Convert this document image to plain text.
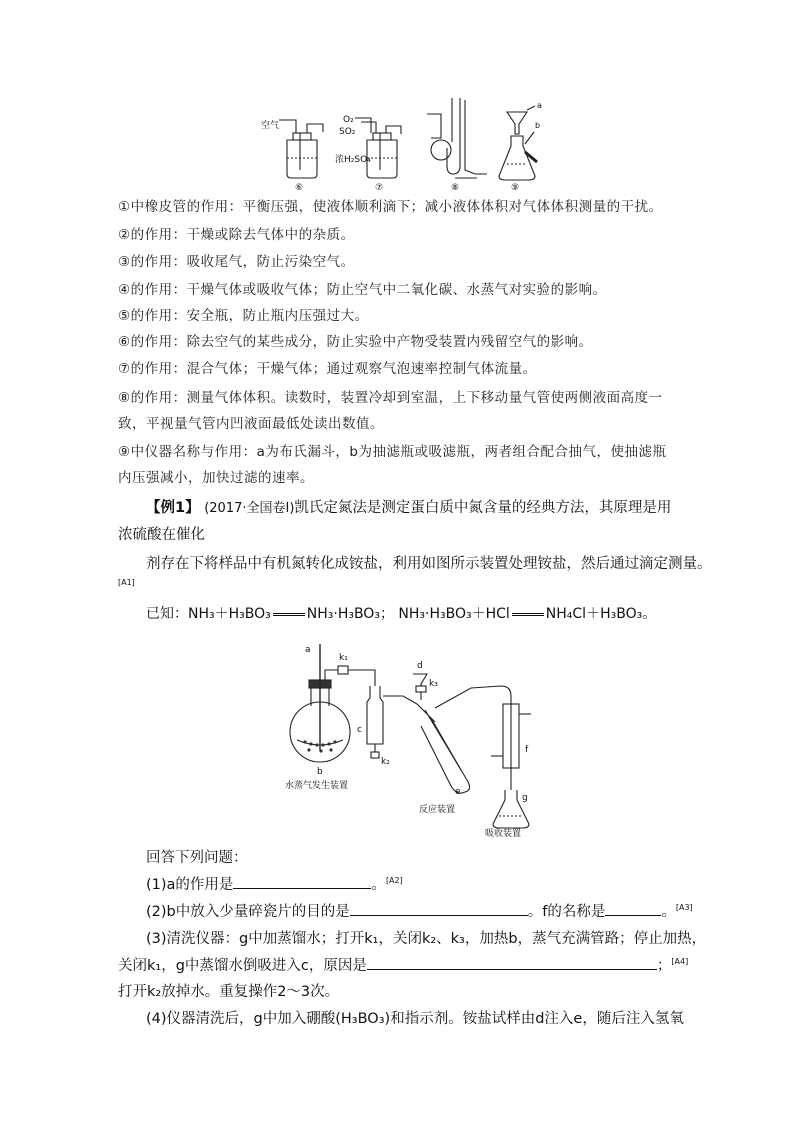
空气
O₂
SO₂
浓H₂SO₄
a
b
⑥	⑦	⑧	⑨
①中橡皮管的作用：平衡压强，使液体顺利滴下；减小液体体积对气体体积测量的干扰。
②的作用：干燥或除去气体中的杂质。
③的作用：吸收尾气，防止污染空气。
④的作用：干燥气体或吸收气体；防止空气中二氧化碳、水蒸气对实验的影响。
⑤的作用：安全瓶，防止瓶内压强过大。
⑥的作用：除去空气的某些成分，防止实验中产物受装置内残留空气的影响。
⑦的作用：混合气体；干燥气体；通过观察气泡速率控制气体流量。
⑧的作用：测量气体体积。读数时，装置冷却到室温，上下移动量气管使两侧液面高度一致，平视量气管内凹液面最低处读出数值。
⑨中仪器名称与作用：a为布氏漏斗，b为抽滤瓶或吸滤瓶，两者组合配合抽气，使抽滤瓶内压强减小，加快过滤的速率。
【例1】 (2017·全国卷Ⅰ)凯氏定氮法是测定蛋白质中氮含量的经典方法，其原理是用
浓硫酸在催化
剂存在下将样品中有机氮转化成铵盐，利用如图所示装置处理铵盐，然后通过滴定测量。
[A1]
已知：NH₃＋H₃BO₃	NH₃·H₃BO₃； NH₃·H₃BO₃＋HCl	NH₄Cl＋H₃BO₃。
a
k₁
d
k₃
c
k₂
b
e
f
g
水蒸气发生装置
反应装置
吸收装置
回答下列问题：
(1)a的作用是	。[A2]
(2)b中放入少量碎瓷片的目的是	。f的名称是	。[A3]
(3)清洗仪器：g中加蒸馏水；打开k₁，关闭k₂、k₃，加热b，蒸气充满管路；停止加热，
关闭k₁，g中蒸馏水倒吸进入c，原因是	；[A4]
打开k₂放掉水。重复操作2～3次。
(4)仪器清洗后，g中加入硼酸(H₃BO₃)和指示剂。铵盐试样由d注入e，随后注入氢氧
